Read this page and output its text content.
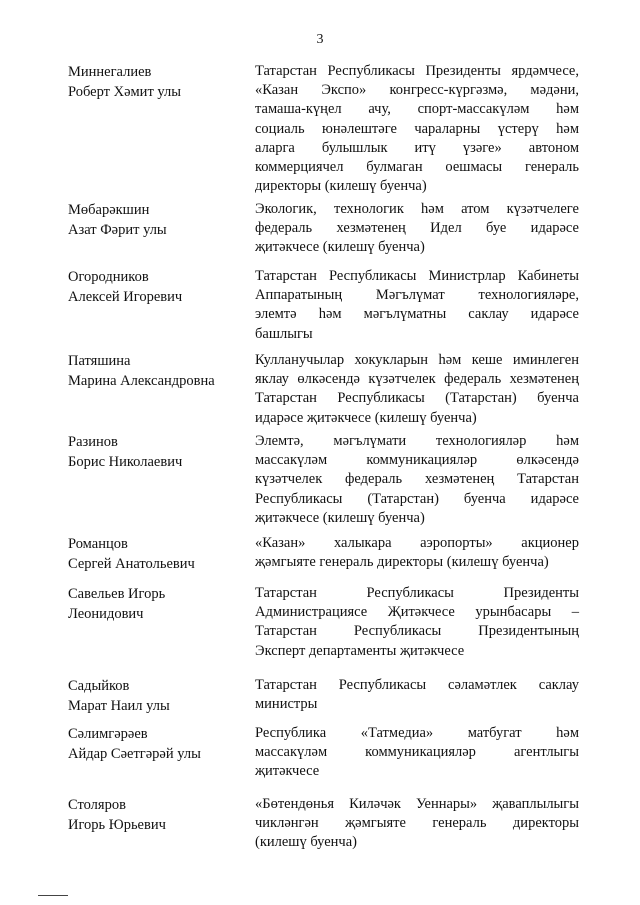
3
Миннегалиев
Роберт Хәмит улы
Татарстан Республикасы Президенты ярдәмчесе,
«Казан Экспо» конгресс-күргәзмә, мәдәни,
тамаша-күңел ачу, спорт-массакүләм һәм
социаль юнәлештәге чараларны үстерү һәм
аларга булышлык итү үзәге» автоном
коммерциячел булмаган оешмасы генераль
директоры (килешү буенча)
Мөбарәкшин
Азат Фәрит улы
Экологик, технологик һәм атом күзәтчелеге
федераль хезмәтенең Идел буе идарәсе
җитәкчесе (килешү буенча)
Огородников
Алексей Игоревич
Татарстан Республикасы Министрлар Кабинеты
Аппаратының Мәгълүмат технологияләре,
элемтә һәм мәгълүматны саклау идарәсе
башлыгы
Патяшина
Марина Александровна
Кулланучылар хокукларын һәм кеше иминлеген
яклау өлкәсендә күзәтчелек федераль хезмәтенең
Татарстан Республикасы (Татарстан) буенча
идарәсе җитәкчесе (килешү буенча)
Разинов
Борис Николаевич
Элемтә, мәгълүмати технологияләр һәм
массакүләм коммуникацияләр өлкәсендә
күзәтчелек федераль хезмәтенең Татарстан
Республикасы (Татарстан) буенча идарәсе
җитәкчесе (килешү буенча)
Романцов
Сергей Анатольевич
«Казан» халыкара аэропорты» акционер
җәмгыяте генераль директоры (килешү буенча)
Савельев Игорь
Леонидович
Татарстан Республикасы Президенты
Администрациясе Җитәкчесе урынбасары –
Татарстан Республикасы Президентының
Эксперт департаменты җитәкчесе
Садыйков
Марат Наил улы
Татарстан Республикасы сәламәтлек саклау
министры
Сәлимгәрәев
Айдар Сәетгәрәй улы
Республика «Татмедиа» матбугат һәм
массакүләм коммуникацияләр агентлыгы
җитәкчесе
Столяров
Игорь Юрьевич
«Бөтендөнья Киләчәк Уеннары» җаваплылыгы
чикләнгән җәмгыяте генераль директоры
(килешү буенча)
